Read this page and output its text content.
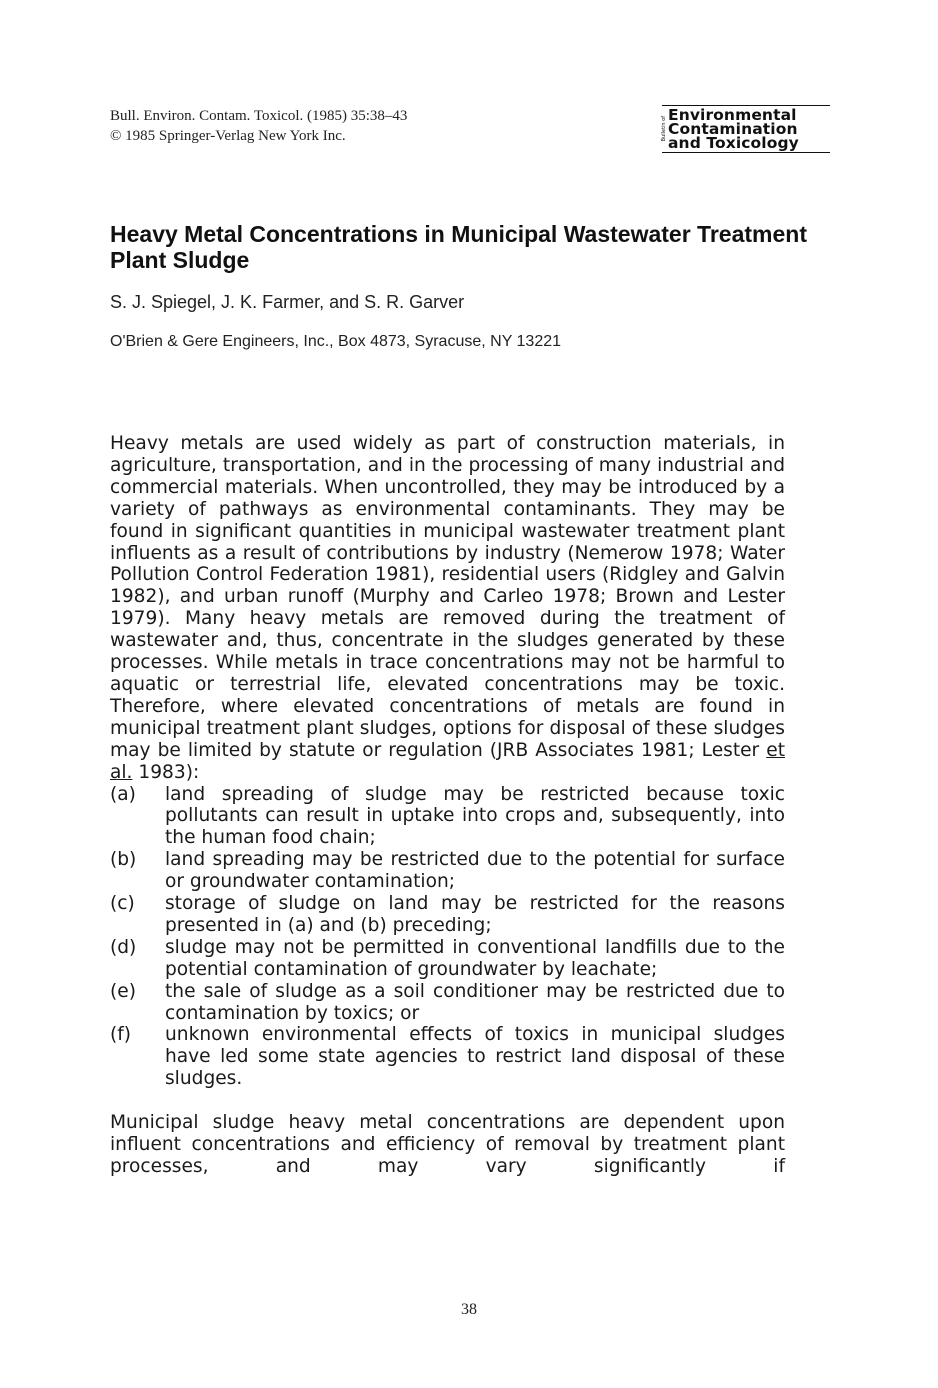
Bull. Environ. Contam. Toxicol. (1985) 35:38–43
© 1985 Springer-Verlag New York Inc.	Bulletin of
Environmental
Contamination
and Toxicology
Heavy Metal Concentrations in Municipal Wastewater Treatment Plant Sludge
S. J. Spiegel, J. K. Farmer, and S. R. Garver
O'Brien & Gere Engineers, Inc., Box 4873, Syracuse, NY 13221

Heavy metals are used widely as part of construction materials, in agriculture, transportation, and in the processing of many industrial and commercial materials. When uncontrolled, they may be introduced by a variety of pathways as environmental contaminants. They may be found in significant quantities in municipal wastewater treatment plant influents as a result of contributions by industry (Nemerow 1978; Water Pollution Control Federation 1981), residential users (Ridgley and Galvin 1982), and urban runoff (Murphy and Carleo 1978; Brown and Lester 1979). Many heavy metals are removed during the treatment of wastewater and, thus, concentrate in the sludges generated by these processes. While metals in trace concentrations may not be harmful to aquatic or terrestrial life, elevated concentrations may be toxic. Therefore, where elevated concentrations of metals are found in municipal treatment plant sludges, options for disposal of these sludges may be limited by statute or regulation (JRB Associates 1981; Lester et al. 1983):

(a)	land spreading of sludge may be restricted because toxic pollutants can result in uptake into crops and, subsequently, into the human food chain;
(b)	land spreading may be restricted due to the potential for surface or groundwater contamination;
(c)	storage of sludge on land may be restricted for the reasons presented in (a) and (b) preceding;
(d)	sludge may not be permitted in conventional landfills due to the potential contamination of groundwater by leachate;
(e)	the sale of sludge as a soil conditioner may be restricted due to contamination by toxics; or
(f)	unknown environmental effects of toxics in municipal sludges have led some state agencies to restrict land disposal of these sludges.

Municipal sludge heavy metal concentrations are dependent upon influent concentrations and efficiency of removal by treatment plant processes, and may vary significantly if

38
